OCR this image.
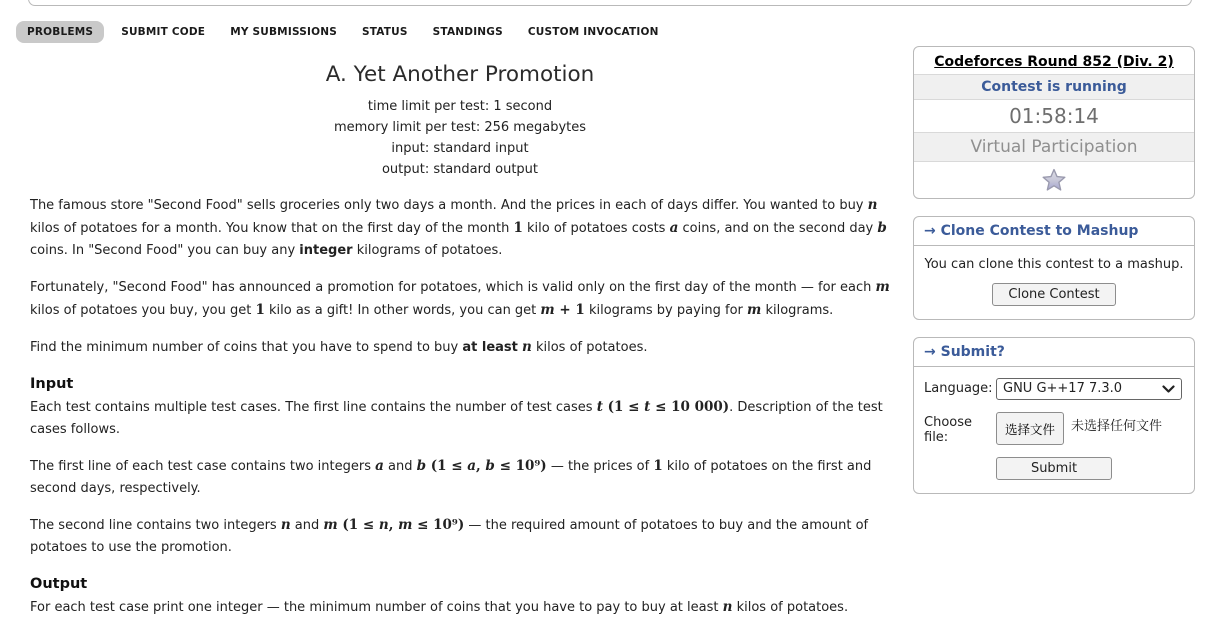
PROBLEMS	SUBMIT CODE	MY SUBMISSIONS	STATUS	STANDINGS	CUSTOM INVOCATION
A. Yet Another Promotion
time limit per test: 1 second
memory limit per test: 256 megabytes
input: standard input
output: standard output

The famous store "Second Food" sells groceries only two days a month. And the prices in each of days differ. You wanted to buy n kilos of potatoes for a month. You know that on the first day of the month 1 kilo of potatoes costs a coins, and on the second day b coins. In "Second Food" you can buy any integer kilograms of potatoes.

Fortunately, "Second Food" has announced a promotion for potatoes, which is valid only on the first day of the month — for each m kilos of potatoes you buy, you get 1 kilo as a gift! In other words, you can get m + 1 kilograms by paying for m kilograms.

Find the minimum number of coins that you have to spend to buy at least n kilos of potatoes.

Input

Each test contains multiple test cases. The first line contains the number of test cases t (1 ≤ t ≤ 10 000). Description of the test cases follows.

The first line of each test case contains two integers a and b (1 ≤ a, b ≤ 10⁹) — the prices of 1 kilo of potatoes on the first and second days, respectively.

The second line contains two integers n and m (1 ≤ n, m ≤ 10⁹) — the required amount of potatoes to buy and the amount of potatoes to use the promotion.

Output

For each test case print one integer — the minimum number of coins that you have to pay to buy at least n kilos of potatoes.

Codeforces Round 852 (Div. 2)
Contest is running
01:58:14
Virtual Participation
→ Clone Contest to Mashup
You can clone this contest to a mashup.
Clone Contest
→ Submit?
Language: GNU G++17 7.3.0
Choose file:
选择文件	未选择任何文件
Submit
